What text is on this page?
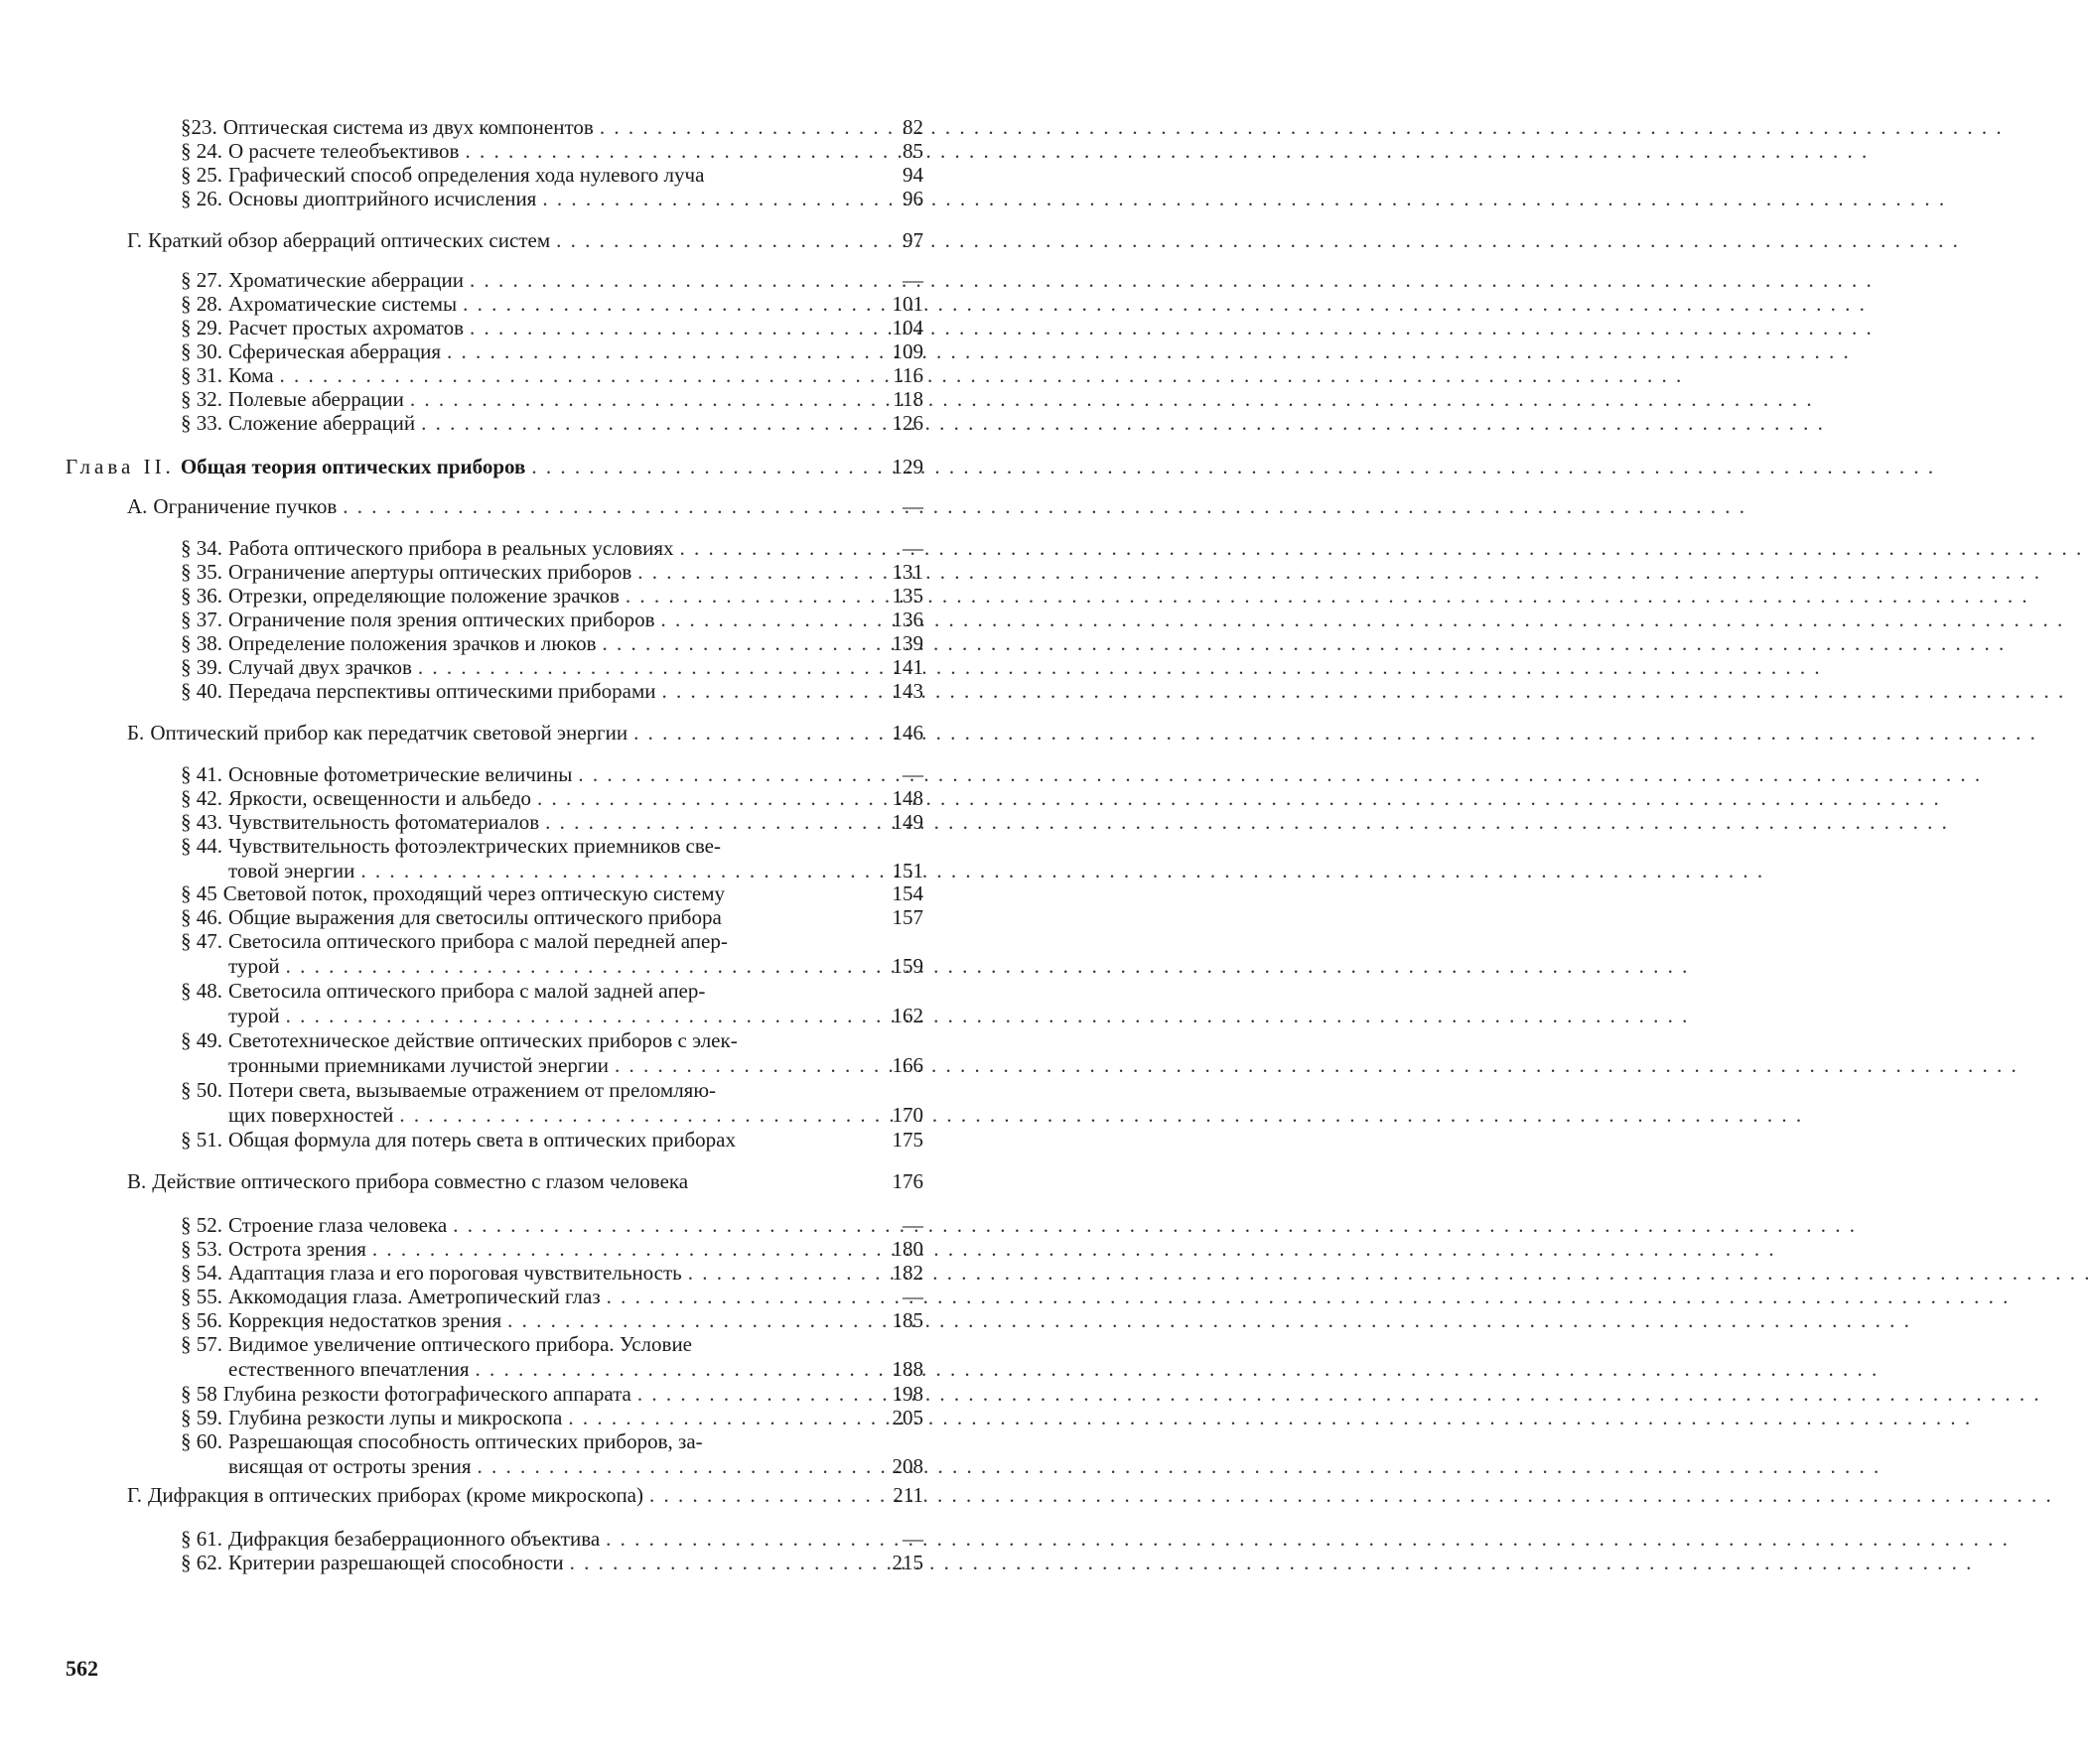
§23. Оптическая система из двух компонентов . . .	82
§ 24. О расчете телеобъективов . . .	85
§ 25. Графический способ определения хода нулевого луча	94
§ 26. Основы диоптрийного исчисления . . .	96
Г. Краткий обзор аберраций оптических систем . . .	97
§ 27. Хроматические аберрации . . .	—
§ 28. Ахроматические системы . . .	101
§ 29. Расчет простых ахроматов . . .	104
§ 30. Сферическая аберрация . . .	109
§ 31. Кома . . .	116
§ 32. Полевые аберрации . . .	118
§ 33. Сложение аберраций . . .	126
Глава II. Общая теория оптических приборов . . .	129
А. Ограничение пучков . . .	—
§ 34. Работа оптического прибора в реальных условиях . . .	—
§ 35. Ограничение апертуры оптических приборов . . .	131
§ 36. Отрезки, определяющие положение зрачков . . .	135
§ 37. Ограничение поля зрения оптических приборов . . .	136
§ 38. Определение положения зрачков и люков . . .	139
§ 39. Случай двух зрачков . . .	141
§ 40. Передача перспективы оптическими приборами . . .	143
Б. Оптический прибор как передатчик световой энергии . . .	146
§ 41. Основные фотометрические величины . . .	—
§ 42. Яркости, освещенности и альбедо . . .	148
§ 43. Чувствительность фотоматериалов . . .	149
§ 44. Чувствительность фотоэлектрических приемников све-
товой энергии . . .	151
§ 45 Световой поток, проходящий через оптическую систему	154
§ 46. Общие выражения для светосилы оптического прибора	157
§ 47. Светосила оптического прибора с малой передней апер-
турой . . .	159
§ 48. Светосила оптического прибора с малой задней апер-
турой . . .	162
§ 49. Светотехническое действие оптических приборов с элек-
тронными приемниками лучистой энергии . . .	166
§ 50. Потери света, вызываемые отражением от преломляю-
щих поверхностей . . .	170
§ 51. Общая формула для потерь света в оптических приборах	175
В. Действие оптического прибора совместно с глазом человека	176
§ 52. Строение глаза человека . . .	—
§ 53. Острота зрения . . .	180
§ 54. Адаптация глаза и его пороговая чувствительность . . .	182
§ 55. Аккомодация глаза. Аметропический глаз . . .	—
§ 56. Коррекция недостатков зрения . . .	185
§ 57. Видимое увеличение оптического прибора. Условие
естественного впечатления . . .	188
§ 58 Глубина резкости фотографического аппарата . . .	198
§ 59. Глубина резкости лупы и микроскопа . . .	205
§ 60. Разрешающая способность оптических приборов, за-
висящая от остроты зрения . . .	208
Г. Дифракция в оптических приборах (кроме микроскопа) . . .	211
§ 61. Дифракция безаберрационного объектива . . .	—
§ 62. Критерии разрешающей способности . . .	215
562
